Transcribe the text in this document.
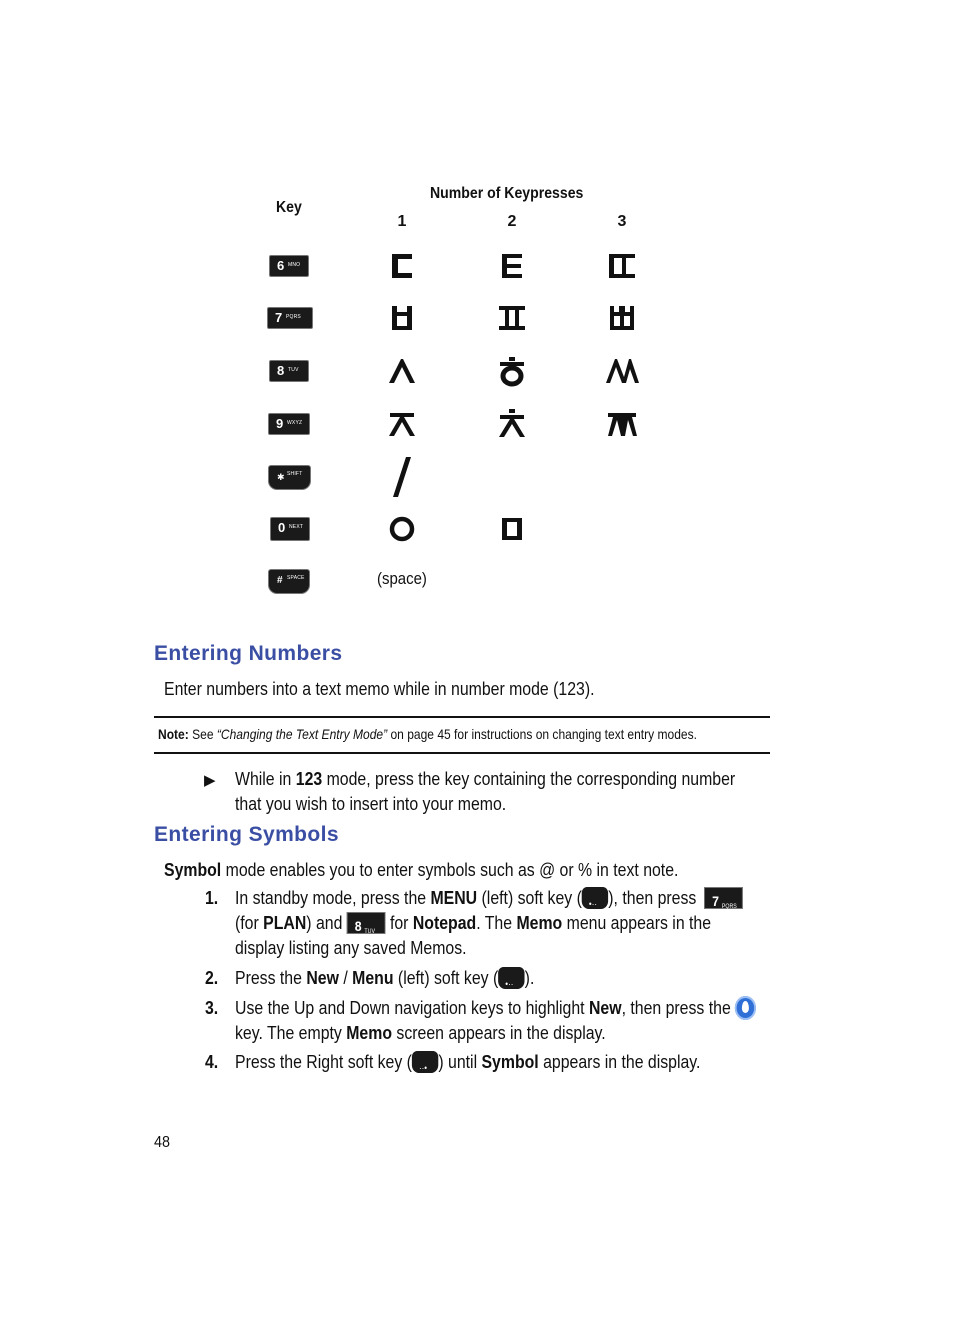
Key
Number of Keypresses
1	2	3
6 MNO
7 PQRS
8 TUV
9 WXYZ
✱ SHIFT
0 NEXT
# SPACE	(space)
Entering Numbers
Enter numbers into a text memo while in number mode (123).
Note: See “Changing the Text Entry Mode” on page 45 for instructions on changing text entry modes.
▶ While in 123 mode, press the key containing the corresponding number
that you wish to insert into your memo.
Entering Symbols
Symbol mode enables you to enter symbols such as @ or % in text note.
1. In standby mode, press the MENU (left) soft key ( •·· ), then press 7 PQRS
(for PLAN) and 8 TUV for Notepad. The Memo menu appears in the
display listing any saved Memos.
2. Press the New / Menu (left) soft key ( •·· ).
3. Use the Up and Down navigation keys to highlight New, then press the
key. The empty Memo screen appears in the display.
4. Press the Right soft key ( ··• ) until Symbol appears in the display.
48
